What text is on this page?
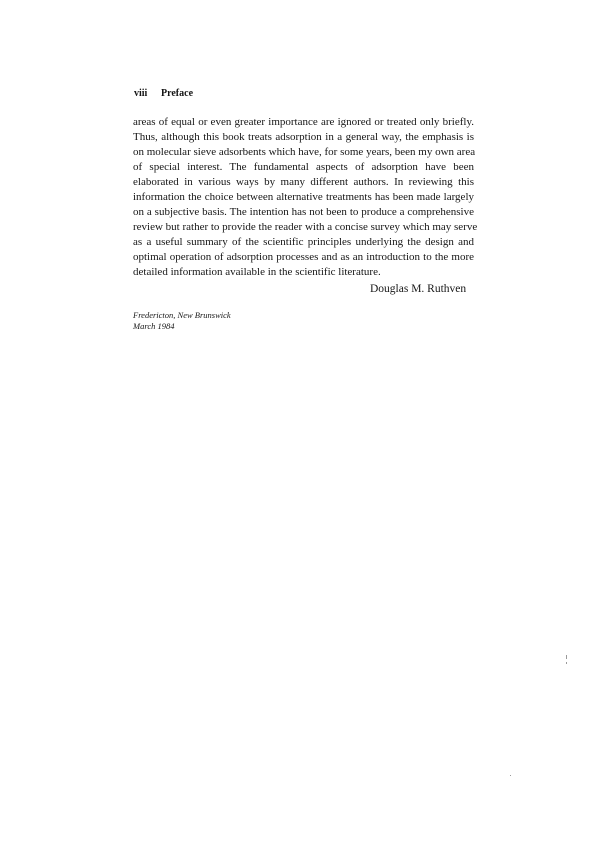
viii Preface
areas of equal or even greater importance are ignored or treated only briefly.
Thus, although this book treats adsorption in a general way, the emphasis is
on molecular sieve adsorbents which have, for some years, been my own area
of special interest. The fundamental aspects of adsorption have been
elaborated in various ways by many different authors. In reviewing this
information the choice between alternative treatments has been made largely
on a subjective basis. The intention has not been to produce a comprehensive
review but rather to provide the reader with a concise survey which may serve
as a useful summary of the scientific principles underlying the design and
optimal operation of adsorption processes and as an introduction to the more
detailed information available in the scientific literature.
Douglas M. Ruthven
Fredericton, New Brunswick
March 1984
